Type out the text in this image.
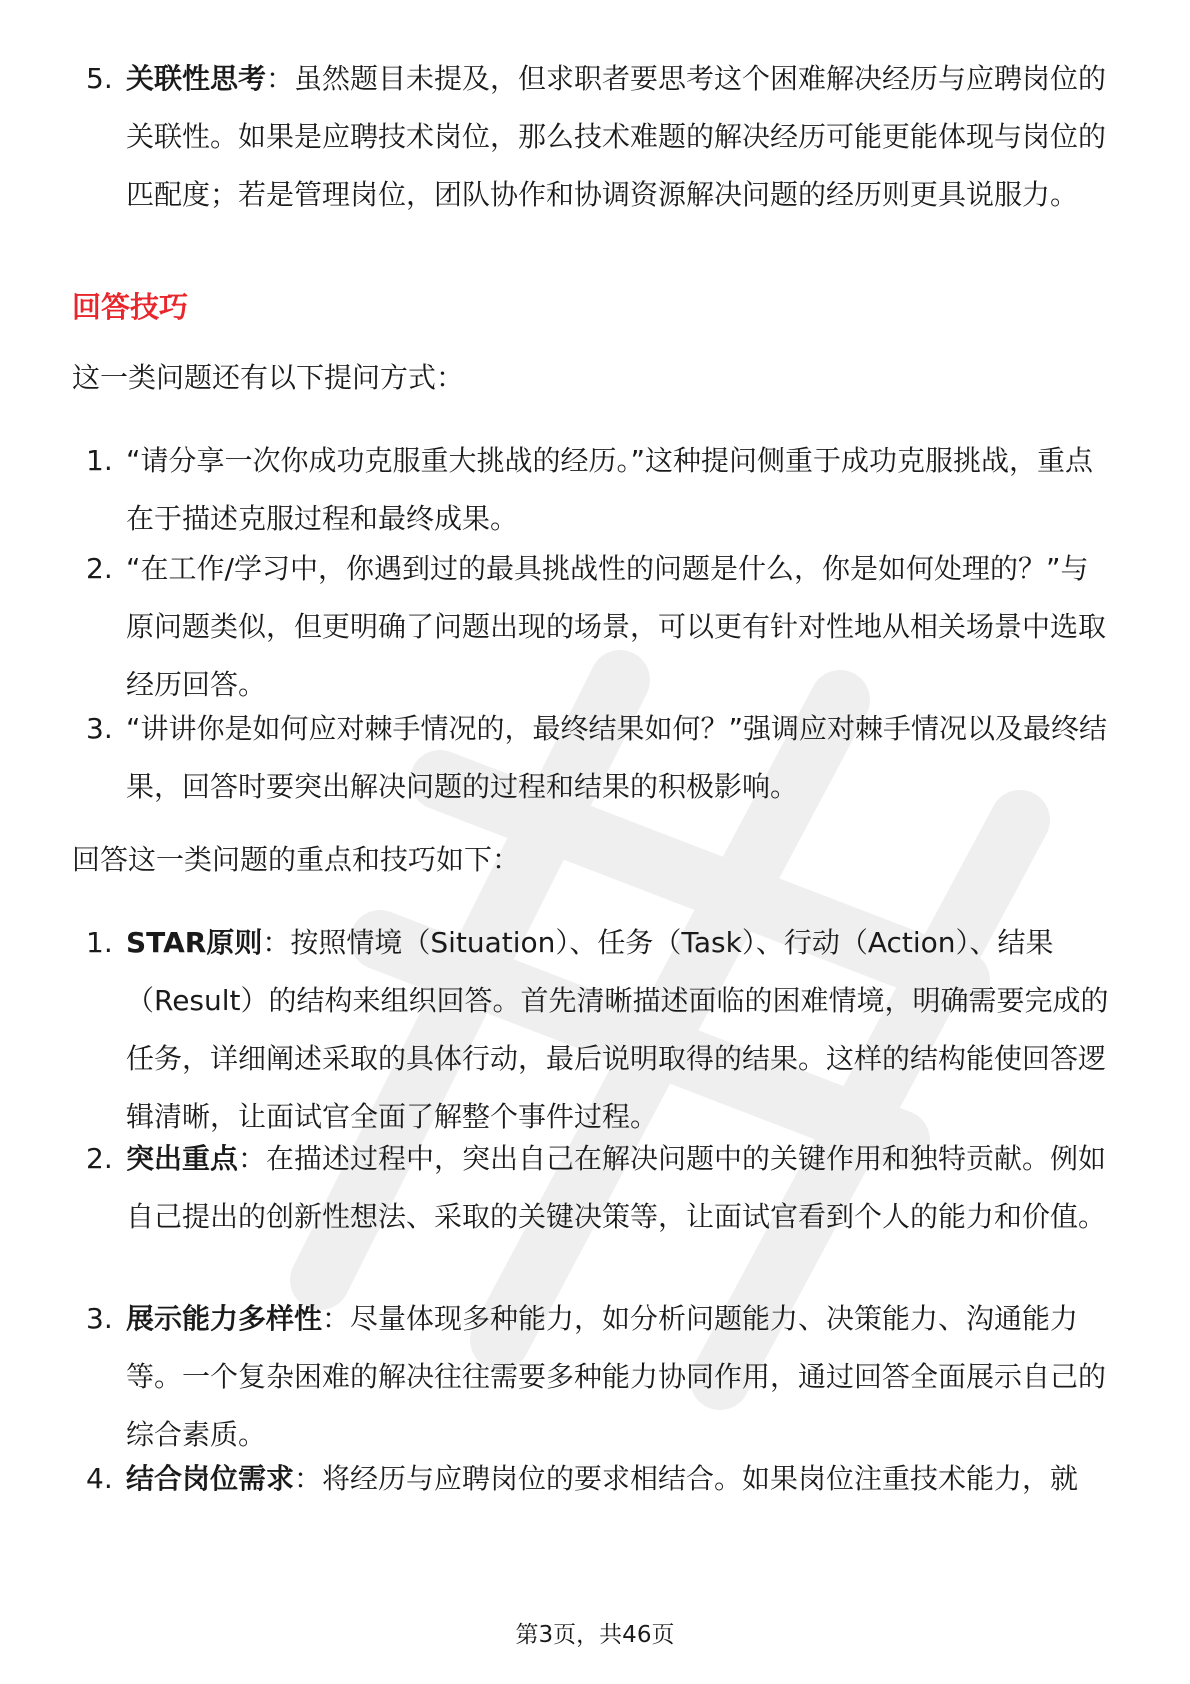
5. 关联性思考：虽然题目未提及，但求职者要思考这个困难解决经历与应聘岗位的关联性。如果是应聘技术岗位，那么技术难题的解决经历可能更能体现与岗位的匹配度；若是管理岗位，团队协作和协调资源解决问题的经历则更具说服力。
回答技巧
这一类问题还有以下提问方式：
1. “请分享一次你成功克服重大挑战的经历。”这种提问侧重于成功克服挑战，重点在于描述克服过程和最终成果。
2. “在工作/学习中，你遇到过的最具挑战性的问题是什么，你是如何处理的？”与原问题类似，但更明确了问题出现的场景，可以更有针对性地从相关场景中选取经历回答。
3. “讲讲你是如何应对棘手情况的，最终结果如何？”强调应对棘手情况以及最终结果，回答时要突出解决问题的过程和结果的积极影响。
回答这一类问题的重点和技巧如下：
1. STAR原则：按照情境（Situation）、任务（Task）、行动（Action）、结果（Result）的结构来组织回答。首先清晰描述面临的困难情境，明确需要完成的任务，详细阐述采取的具体行动，最后说明取得的结果。这样的结构能使回答逻辑清晰，让面试官全面了解整个事件过程。
2. 突出重点：在描述过程中，突出自己在解决问题中的关键作用和独特贡献。例如自己提出的创新性想法、采取的关键决策等，让面试官看到个人的能力和价值。
3. 展示能力多样性：尽量体现多种能力，如分析问题能力、决策能力、沟通能力等。一个复杂困难的解决往往需要多种能力协同作用，通过回答全面展示自己的综合素质。
4. 结合岗位需求：将经历与应聘岗位的要求相结合。如果岗位注重技术能力，就
第3页，共46页
